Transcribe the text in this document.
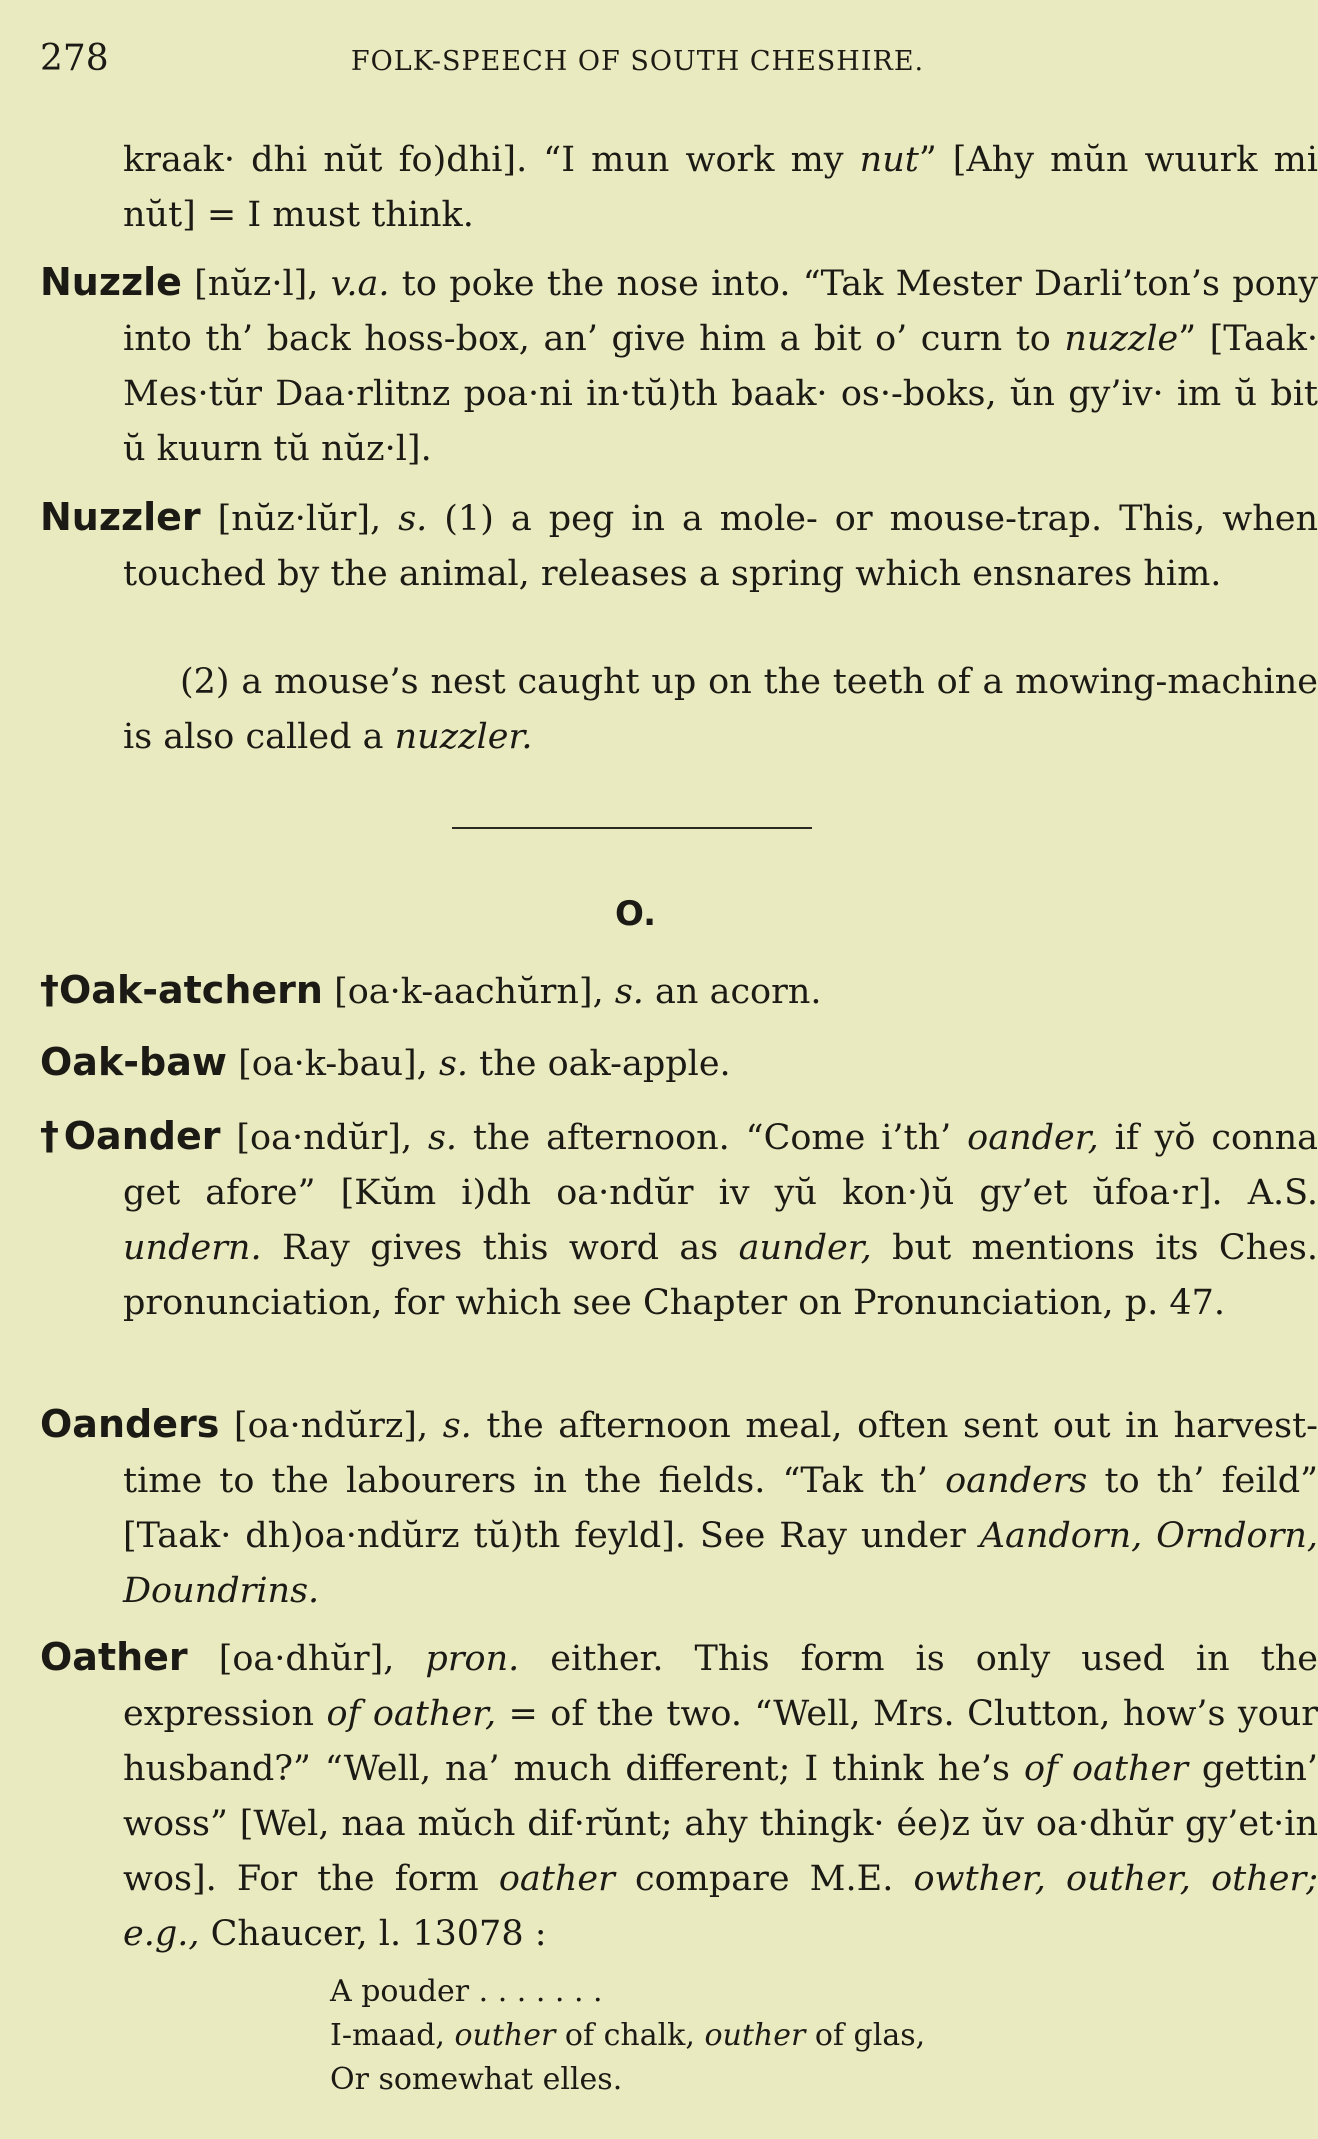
278	FOLK-SPEECH OF SOUTH CHESHIRE.
kraak· dhi nŭt fo)dhi]. “I mun work my nut” [Ahy mŭn wuurk mi nŭt] = I must think.
Nuzzle [nŭz·l], v.a. to poke the nose into. “Tak Mester Darli’ton’s pony into th’ back hoss-box, an’ give him a bit o’ curn to nuzzle” [Taak· Mes·tŭr Daa·rlitnz poa·ni in·tŭ)th baak· os·-boks, ŭn gy’iv· im ŭ bit ŭ kuurn tŭ nŭz·l].
Nuzzler [nŭz·lŭr], s. (1) a peg in a mole- or mouse-trap. This, when touched by the animal, releases a spring which ensnares him.
(2) a mouse’s nest caught up on the teeth of a mowing-machine is also called a nuzzler.
†Oak-atchern [oa·k-aachŭrn], s. an acorn.
Oak-baw [oa·k-bau], s. the oak-apple.
†Oander [oa·ndŭr], s. the afternoon. “Come i’th’ oander, if yŏ conna get afore” [Kŭm i)dh oa·ndŭr iv yŭ kon·)ŭ gy’et ŭfoa·r]. A.S. undern. Ray gives this word as aunder, but mentions its Ches. pronunciation, for which see Chapter on Pronunciation, p. 47.
Oanders [oa·ndŭrz], s. the afternoon meal, often sent out in harvest-time to the labourers in the fields. “Tak th’ oanders to th’ feild” [Taak· dh)oa·ndŭrz tŭ)th feyld]. See Ray under Aandorn, Orndorn, Doundrins.
Oather [oa·dhŭr], pron. either. This form is only used in the expression of oather, = of the two. “Well, Mrs. Clutton, how’s your husband?” “Well, na’ much different; I think he’s of oather gettin’ woss” [Wel, naa mŭch dif·rŭnt; ahy thingk· ée)z ŭv oa·dhŭr gy’et·in wos]. For the form oather compare M.E. owther, outher, other; e.g., Chaucer, l. 13078 :
O.
A pouder . . . . . . .
I-maad, outher of chalk, outher of glas,
Or somewhat elles.
